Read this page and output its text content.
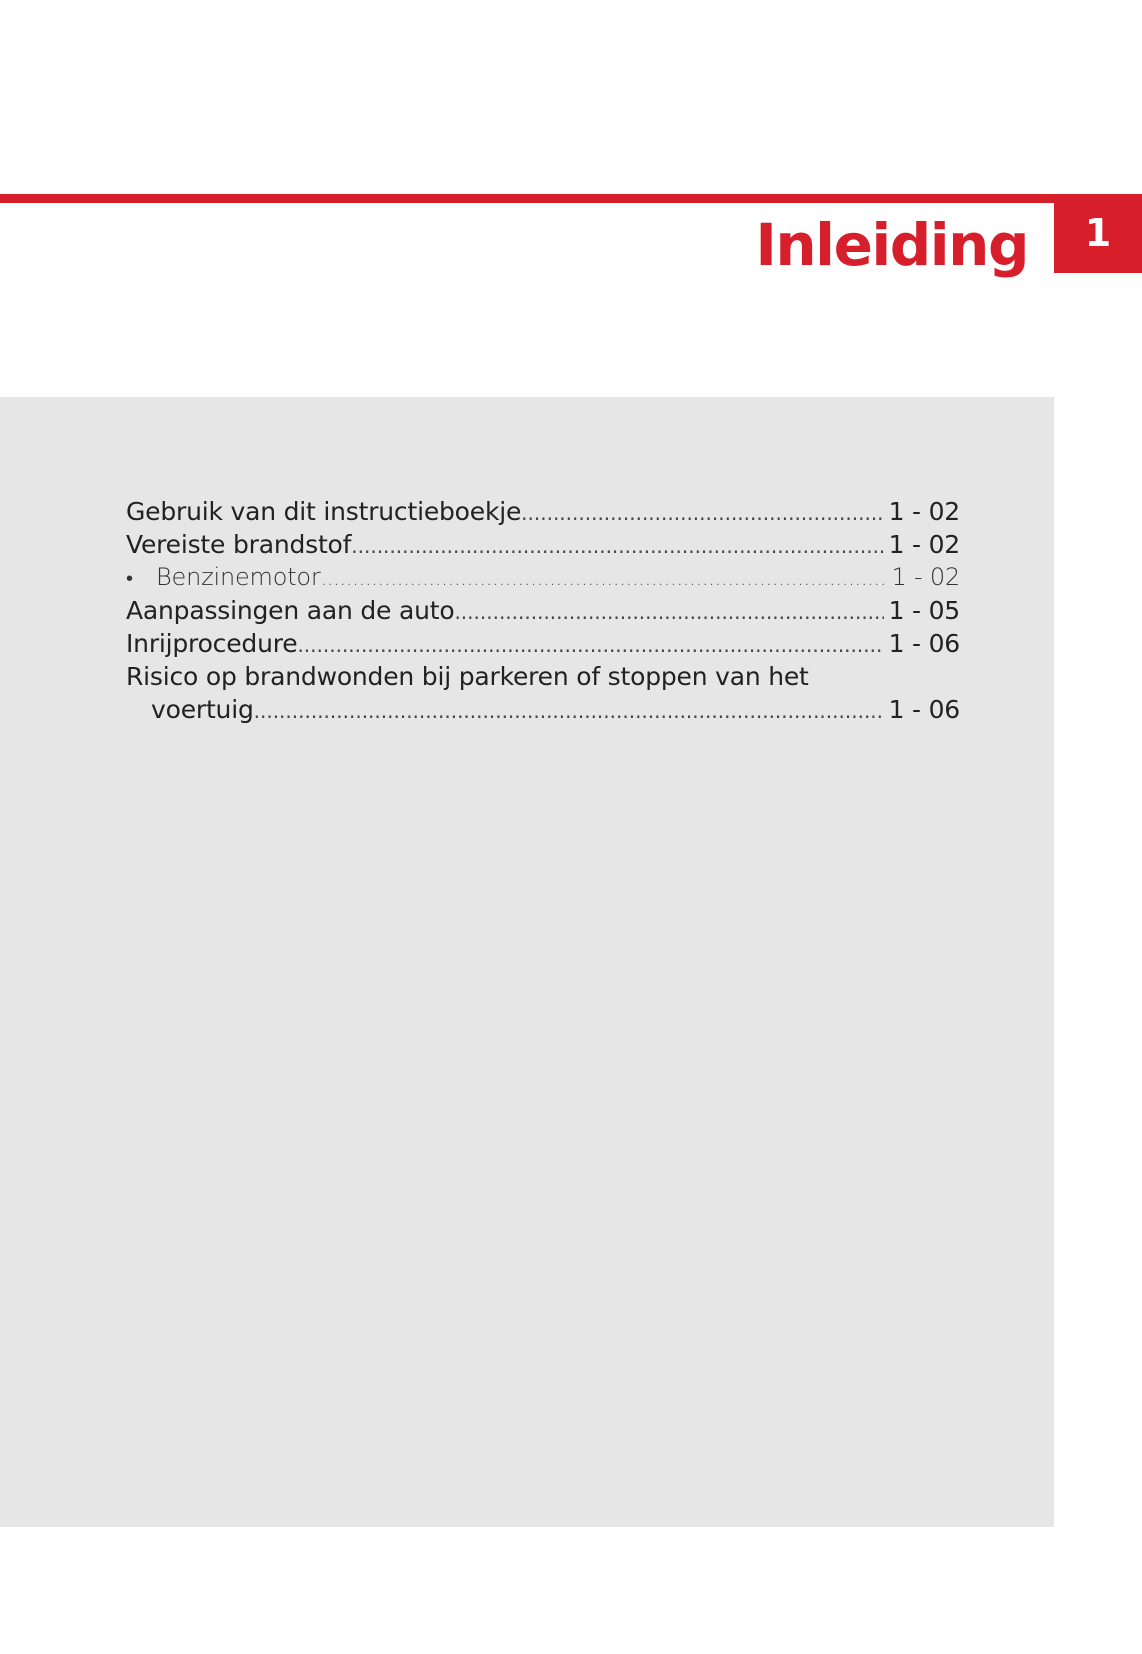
Inleiding	1
Gebruik van dit instructieboekje .....	1 - 02
Vereiste brandstof .....	1 - 02
• Benzinemotor .....	1 - 02
Aanpassingen aan de auto .....	1 - 05
Inrijprocedure .....	1 - 06
Risico op brandwonden bij parkeren of stoppen van het
voertuig .....	1 - 06
